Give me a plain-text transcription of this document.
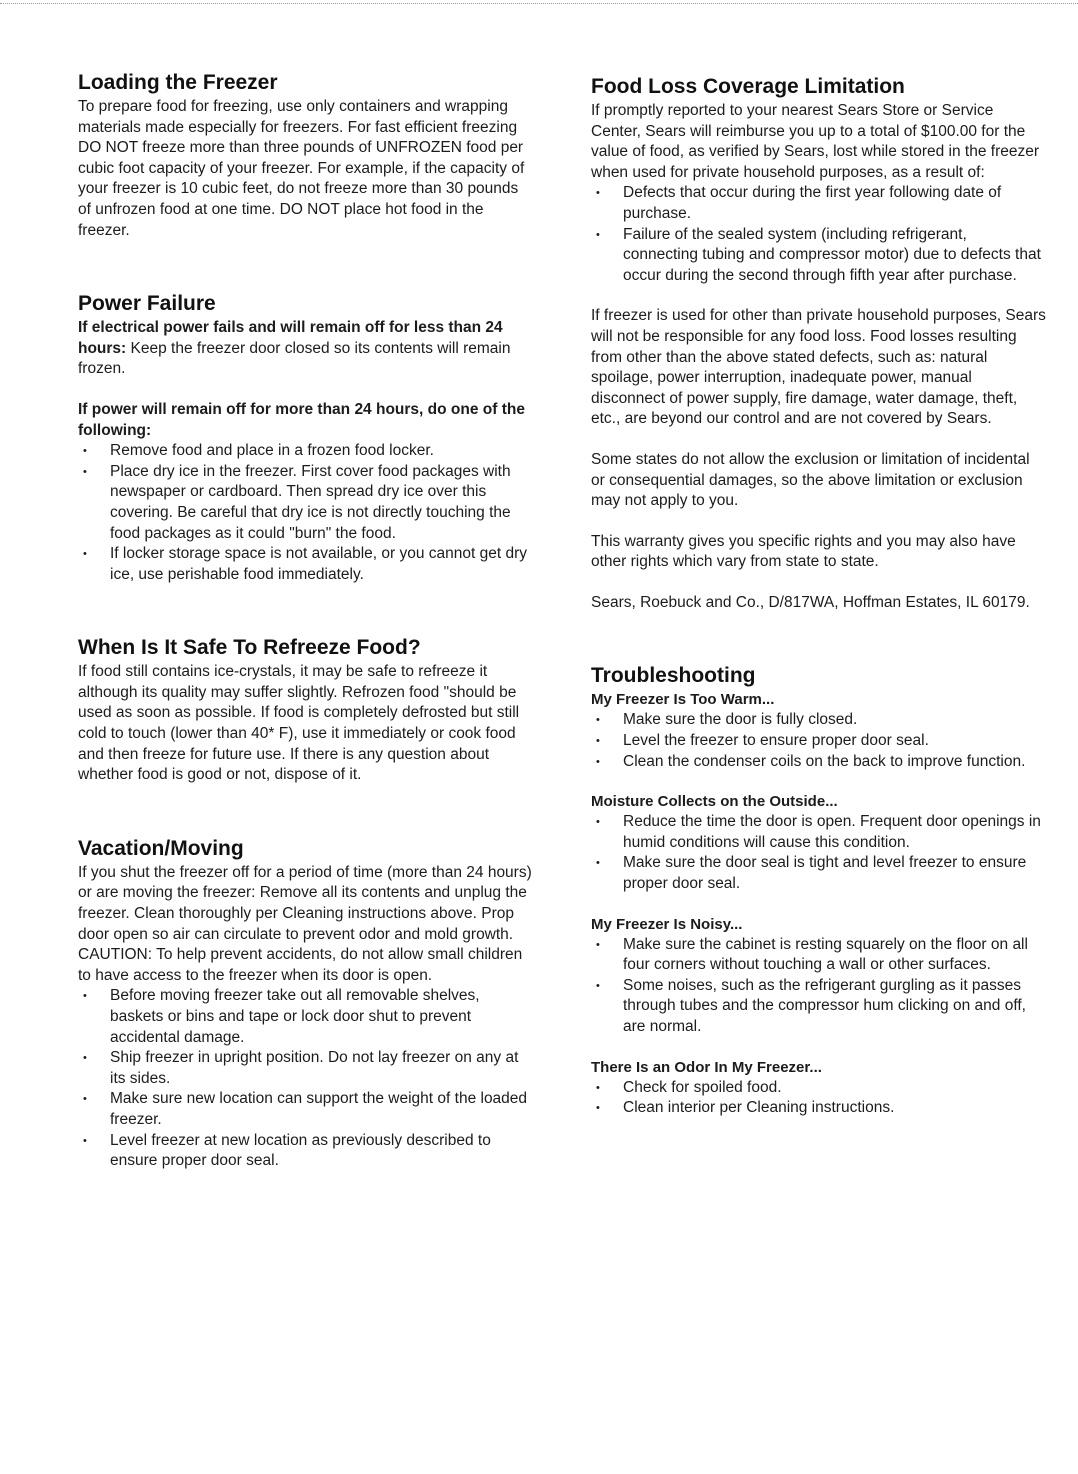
Loading the Freezer

To prepare food for freezing, use only containers and wrapping materials made especially for freezers. For fast efficient freezing DO NOT freeze more than three pounds of UNFROZEN food per cubic foot capacity of your freezer. For example, if the capacity of your freezer is 10 cubic feet, do not freeze more than 30 pounds of unfrozen food at one time. DO NOT place hot food in the freezer.

Power Failure

If electrical power fails and will remain off for less than 24 hours: Keep the freezer door closed so its contents will remain frozen.

If power will remain off for more than 24 hours, do one of the following:

• Remove food and place in a frozen food locker.
• Place dry ice in the freezer. First cover food packages with newspaper or cardboard. Then spread dry ice over this covering. Be careful that dry ice is not directly touching the food packages as it could "burn" the food.
• If locker storage space is not available, or you cannot get dry ice, use perishable food immediately.
When Is It Safe To Refreeze Food?

If food still contains ice-crystals, it may be safe to refreeze it although its quality may suffer slightly. Refrozen food "should be used as soon as possible. If food is completely defrosted but still cold to touch (lower than 40* F), use it immediately or cook food and then freeze for future use. If there is any question about whether food is good or not, dispose of it.

Vacation/Moving

If you shut the freezer off for a period of time (more than 24 hours) or are moving the freezer: Remove all its contents and unplug the freezer. Clean thoroughly per Cleaning instructions above. Prop door open so air can circulate to prevent odor and mold growth. CAUTION: To help prevent accidents, do not allow small children to have access to the freezer when its door is open.

• Before moving freezer take out all removable shelves, baskets or bins and tape or lock door shut to prevent accidental damage.
• Ship freezer in upright position. Do not lay freezer on any at its sides.
• Make sure new location can support the weight of the loaded freezer.
• Level freezer at new location as previously described to ensure proper door seal.
Food Loss Coverage Limitation

If promptly reported to your nearest Sears Store or Service Center, Sears will reimburse you up to a total of $100.00 for the value of food, as verified by Sears, lost while stored in the freezer when used for private household purposes, as a result of:

• Defects that occur during the first year following date of purchase.
• Failure of the sealed system (including refrigerant, connecting tubing and compressor motor) due to defects that occur during the second through fifth year after purchase.

If freezer is used for other than private household purposes, Sears will not be responsible for any food loss. Food losses resulting from other than the above stated defects, such as: natural spoilage, power interruption, inadequate power, manual disconnect of power supply, fire damage, water damage, theft, etc., are beyond our control and are not covered by Sears.

Some states do not allow the exclusion or limitation of incidental or consequential damages, so the above limitation or exclusion may not apply to you.

This warranty gives you specific rights and you may also have other rights which vary from state to state.

Sears, Roebuck and Co., D/817WA, Hoffman Estates, IL 60179.

Troubleshooting

My Freezer Is Too Warm...

• Make sure the door is fully closed.
• Level the freezer to ensure proper door seal.
• Clean the condenser coils on the back to improve function.

Moisture Collects on the Outside...

• Reduce the time the door is open. Frequent door openings in humid conditions will cause this condition.
• Make sure the door seal is tight and level freezer to ensure proper door seal.

My Freezer Is Noisy...

• Make sure the cabinet is resting squarely on the floor on all four corners without touching a wall or other surfaces.
• Some noises, such as the refrigerant gurgling as it passes through tubes and the compressor hum clicking on and off, are normal.

There Is an Odor In My Freezer...

• Check for spoiled food.
• Clean interior per Cleaning instructions.
